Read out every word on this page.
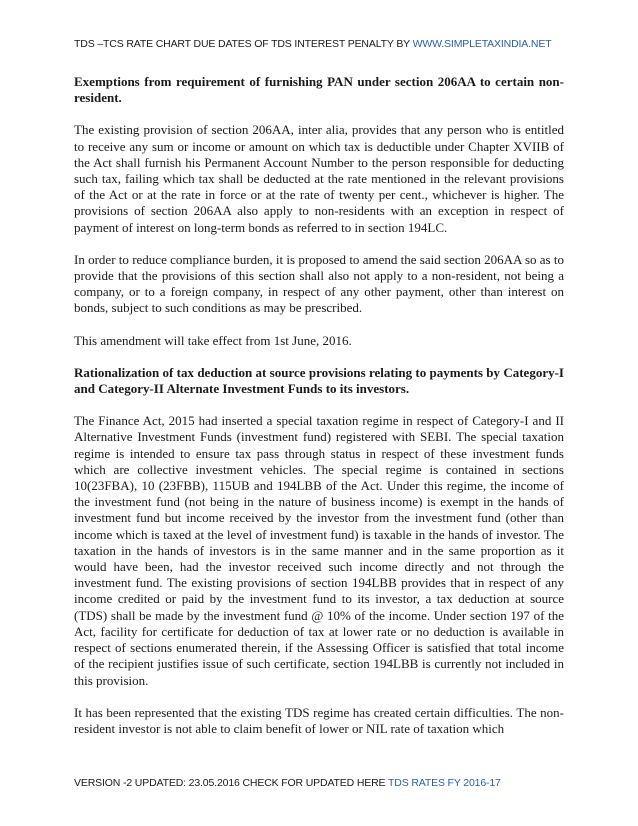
TDS –TCS RATE CHART DUE DATES OF TDS INTEREST PENALTY BY WWW.SIMPLETAXINDIA.NET
Exemptions from requirement of furnishing PAN under section 206AA to certain non-resident.

The existing provision of section 206AA, inter alia, provides that any person who is entitled to receive any sum or income or amount on which tax is deductible under Chapter XVIIB of the Act shall furnish his Permanent Account Number to the person responsible for deducting such tax, failing which tax shall be deducted at the rate mentioned in the relevant provisions of the Act or at the rate in force or at the rate of twenty per cent., whichever is higher. The provisions of section 206AA also apply to non-residents with an exception in respect of payment of interest on long-term bonds as referred to in section 194LC.

In order to reduce compliance burden, it is proposed to amend the said section 206AA so as to provide that the provisions of this section shall also not apply to a non-resident, not being a company, or to a foreign company, in respect of any other payment, other than interest on bonds, subject to such conditions as may be prescribed.

This amendment will take effect from 1st June, 2016.

Rationalization of tax deduction at source provisions relating to payments by Category-I and Category-II Alternate Investment Funds to its investors.

The Finance Act, 2015 had inserted a special taxation regime in respect of Category-I and II Alternative Investment Funds (investment fund) registered with SEBI. The special taxation regime is intended to ensure tax pass through status in respect of these investment funds which are collective investment vehicles. The special regime is contained in sections 10(23FBA), 10 (23FBB), 115UB and 194LBB of the Act. Under this regime, the income of the investment fund (not being in the nature of business income) is exempt in the hands of investment fund but income received by the investor from the investment fund (other than income which is taxed at the level of investment fund) is taxable in the hands of investor. The taxation in the hands of investors is in the same manner and in the same proportion as it would have been, had the investor received such income directly and not through the investment fund. The existing provisions of section 194LBB provides that in respect of any income credited or paid by the investment fund to its investor, a tax deduction at source (TDS) shall be made by the investment fund @ 10% of the income. Under section 197 of the Act, facility for certificate for deduction of tax at lower rate or no deduction is available in respect of sections enumerated therein, if the Assessing Officer is satisfied that total income of the recipient justifies issue of such certificate, section 194LBB is currently not included in this provision.

It has been represented that the existing TDS regime has created certain difficulties. The non-resident investor is not able to claim benefit of lower or NIL rate of taxation which

VERSION -2 UPDATED: 23.05.2016 CHECK FOR UPDATED HERE TDS RATES FY 2016-17
